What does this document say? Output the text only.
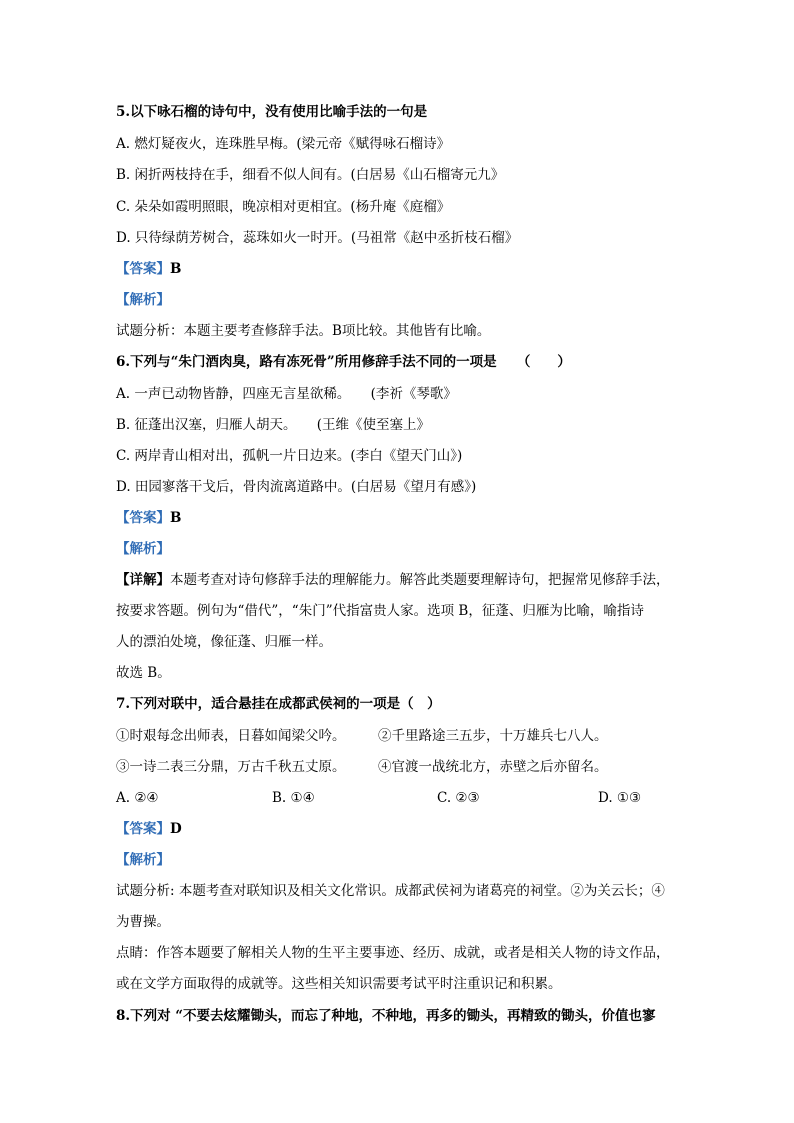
5.以下咏石榴的诗句中，没有使用比喻手法的一句是
A. 燃灯疑夜火，连珠胜早梅。(梁元帝《赋得咏石榴诗》
B. 闲折两枝持在手，细看不似人间有。(白居易《山石榴寄元九》
C. 朵朵如霞明照眼，晚凉相对更相宜。(杨升庵《庭榴》
D. 只待绿荫芳树合，蕊珠如火一时开。(马祖常《赵中丞折枝石榴》
【答案】B
【解析】
试题分析：本题主要考查修辞手法。B项比较。其他皆有比喻。
6.下列与“朱门酒肉臭，路有冻死骨”所用修辞手法不同的一项是　　（　　）
A. 一声已动物皆静，四座无言星欲稀。　　(李祈《琴歌》
B. 征蓬出汉塞，归雁人胡天。　　(王维《使至塞上》
C. 两岸青山相对出，孤帆一片日边来。(李白《望天门山》)
D. 田园寥落干戈后，骨肉流离道路中。(白居易《望月有感》)
【答案】B
【解析】
【详解】本题考查对诗句修辞手法的理解能力。解答此类题要理解诗句，把握常见修辞手法，
按要求答题。例句为“借代”，“朱门”代指富贵人家。选项 B，征蓬、归雁为比喻，喻指诗
人的漂泊处境，像征蓬、归雁一样。
故选 B。
7.下列对联中，适合悬挂在成都武侯祠的一项是（　）
①时艰每念出师表，日暮如闻梁父吟。 ②千里路途三五步，十万雄兵七八人。
③一诗二表三分鼎，万古千秋五丈原。 ④官渡一战统北方，赤壁之后亦留名。
A. ②④	B. ①④	C. ②③	D. ①③
【答案】D
【解析】
试题分析: 本题考查对联知识及相关文化常识。成都武侯祠为诸葛亮的祠堂。②为关云长；④
为曹操。
点睛：作答本题要了解相关人物的生平主要事迹、经历、成就，或者是相关人物的诗文作品，
或在文学方面取得的成就等。这些相关知识需要考试平时注重识记和积累。
8.下列对 “不要去炫耀锄头，而忘了种地，不种地，再多的锄头，再精致的锄头，价值也寥
